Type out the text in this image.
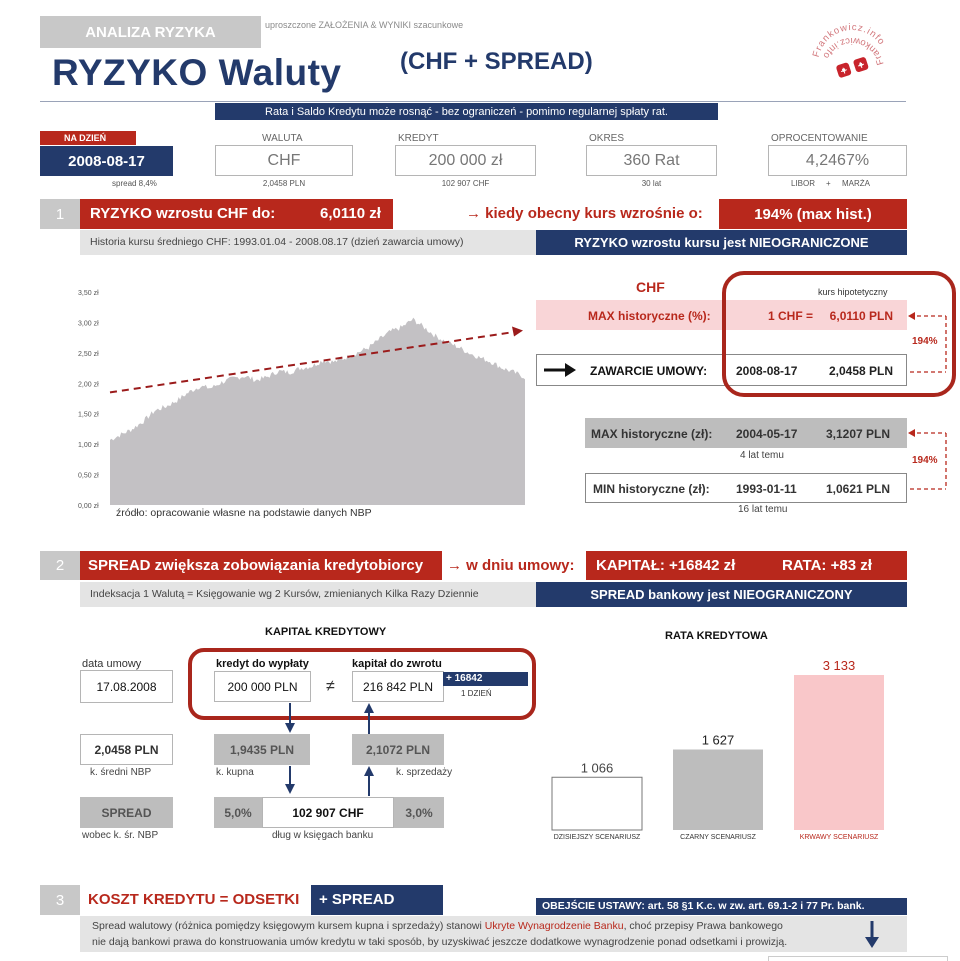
ANALIZA RYZYKA	uproszczone ZAŁOŻENIA & WYNIKI szacunkowe
RYZYKO Waluty (CHF + SPREAD)	Frankowicz.info
Frankowicz.info
Rata i Saldo Kredytu może rosnąć - bez ograniczeń - pomimo regularnej spłaty rat.
NA DZIEŃ
2008-08-17
spread 8,4%
WALUTA
CHF
2,0458 PLN
KREDYT
200 000 zł
102 907 CHF
OKRES
360 Rat
30 lat
OPROCENTOWANIE
4,2467%
LIBOR + MARŻA
1	RYZYKO wzrostu CHF do:	6,0110 zł	→ kiedy obecny kurs wzrośnie o:	194% (max hist.)
Historia kursu średniego CHF: 1993.01.04 - 2008.08.17 (dzień zawarcia umowy)	RYZYKO wzrostu kursu jest NIEOGRANICZONE
0,00 zł
0,50 zł
1,00 zł
1,50 zł
2,00 zł
2,50 zł
3,00 zł
3,50 zł
źródło: opracowanie własne na podstawie danych NBP
CHF	kurs hipotetyczny
MAX historyczne (%):	1 CHF =     6,0110 PLN
ZAWARCIE UMOWY: 2008-08-17	2,0458 PLN
194%
MAX historyczne (zł): 2004-05-17 3,1207 PLN
4 lat temu
MIN historyczne (zł): 1993-01-11 1,0621 PLN
16 lat temu
194%
2	SPREAD zwiększa zobowiązania kredytobiorcy	→ w dniu umowy: KAPITAŁ: +16842 zł	RATA: +83 zł
Indeksacja 1 Walutą = Księgowanie wg 2 Kursów, zmienianych Kilka Razy Dziennie	SPREAD bankowy jest NIEOGRANICZONY
KAPITAŁ KREDYTOWY	RATA KREDYTOWA
data umowy
17.08.2008
kredyt do wypłaty
200 000 PLN	≠
kapitał do zwrotu
216 842 PLN
+ 16842
1 DZIEŃ
2,0458 PLN
k. średni NBP
1,9435 PLN
k. kupna
2,1072 PLN
k. sprzedaży
SPREAD
wobec k. śr. NBP
5,0%	102 907 CHF	3,0%
dług w księgach banku
1 066
DZISIEJSZY SCENARIUSZ
1 627
CZARNY SCENARIUSZ
3 133
KRWAWY SCENARIUSZ
3	KOSZT KREDYTU = ODSETKI	+ SPREAD	OBEJŚCIE USTAWY: art. 58 §1 K.c. w zw. art. 69.1-2 i 77 Pr. bank.
Spread walutowy (różnica pomiędzy księgowym kursem kupna i sprzedaży) stanowi Ukryte Wynagrodzenie Banku, choć przepisy Prawa bankowego
nie dają bankowi prawa do konstruowania umów kredytu w taki sposób, by uzyskiwać jeszcze dodatkowe wynagrodzenie ponad odsetkami i prowizją.
